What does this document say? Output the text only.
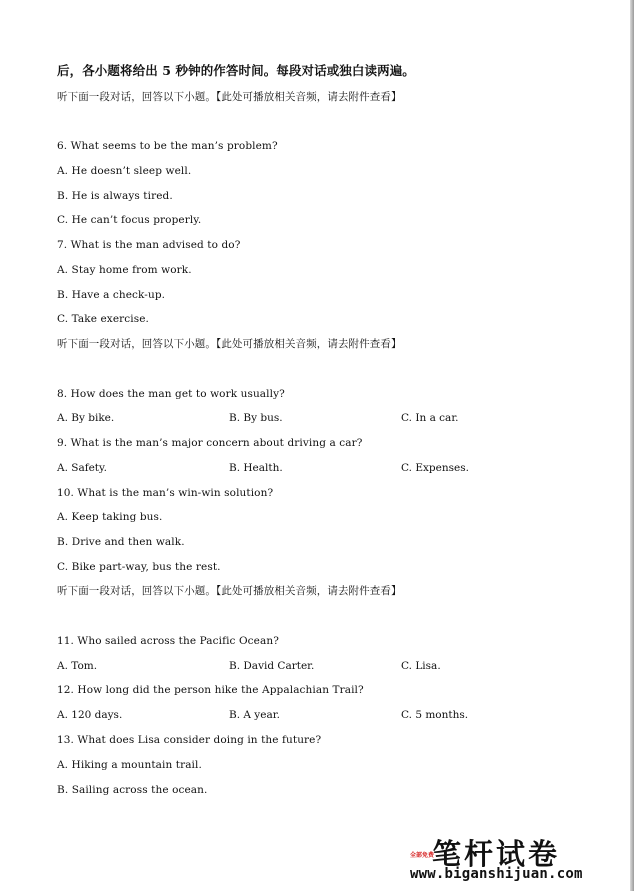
后，各小题将给出 5 秒钟的作答时间。每段对话或独白读两遍。
听下面一段对话，回答以下小题。【此处可播放相关音频，请去附件查看】
6. What seems to be the man’s problem?
A. He doesn’t sleep well.
B. He is always tired.
C. He can’t focus properly.
7. What is the man advised to do?
A. Stay home from work.
B. Have a check-up.
C. Take exercise.
听下面一段对话，回答以下小题。【此处可播放相关音频，请去附件查看】
8. How does the man get to work usually?
A. By bike.	B. By bus.	C. In a car.
9. What is the man’s major concern about driving a car?
A. Safety.	B. Health.	C. Expenses.
10. What is the man’s win-win solution?
A. Keep taking bus.
B. Drive and then walk.
C. Bike part-way, bus the rest.
听下面一段对话，回答以下小题。【此处可播放相关音频，请去附件查看】
11. Who sailed across the Pacific Ocean?
A. Tom.	B. David Carter.	C. Lisa.
12. How long did the person hike the Appalachian Trail?
A. 120 days.	B. A year.	C. 5 months.
13. What does Lisa consider doing in the future?
A. Hiking a mountain trail.
B. Sailing across the ocean.
全部免费
笔杆试卷
www.biganshijuan.com
